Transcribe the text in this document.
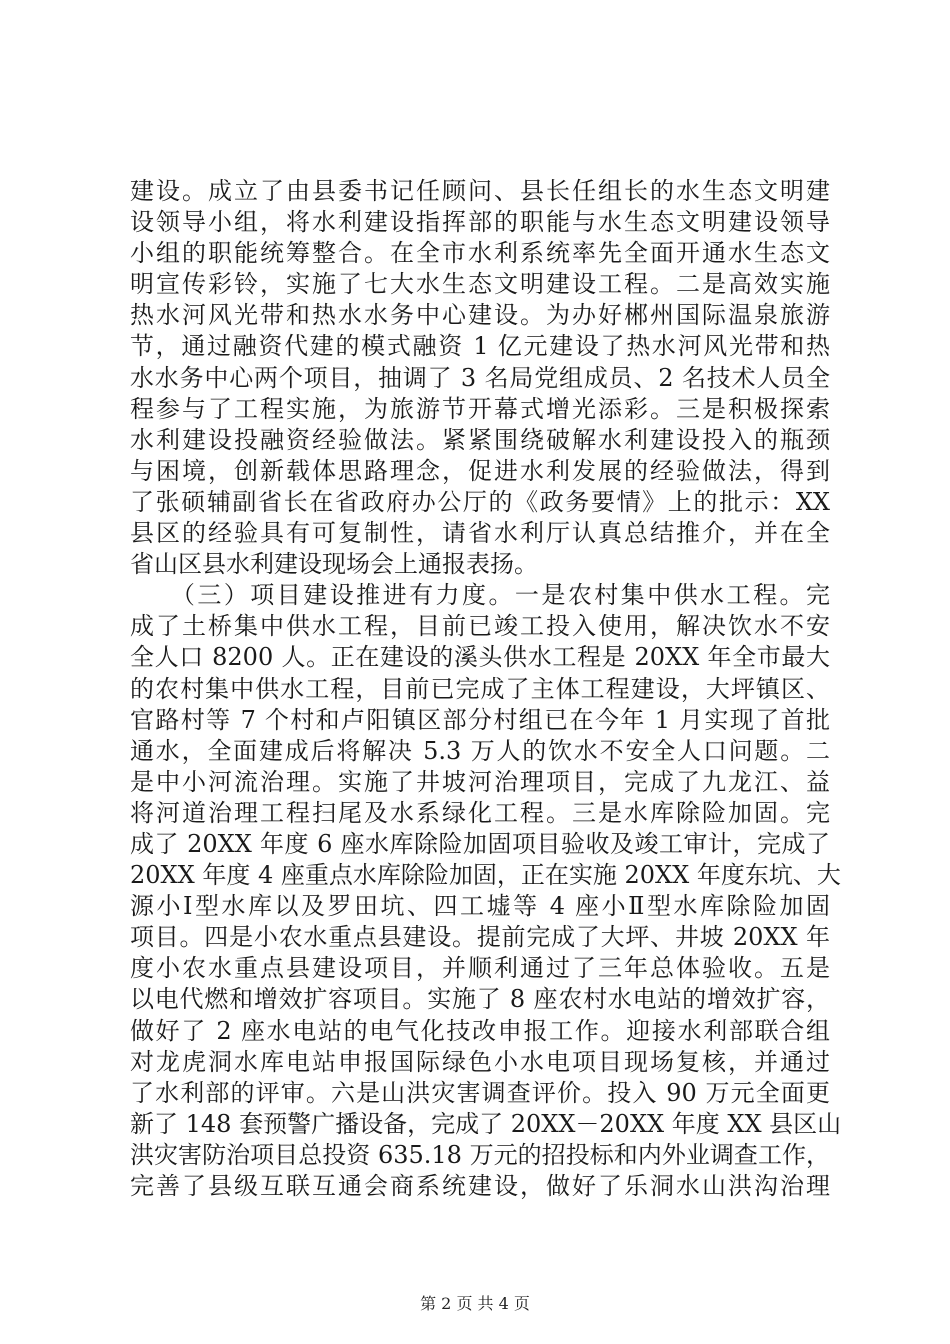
建设。成立了由县委书记任顾问、县长任组长的水生态文明建
设领导小组，将水利建设指挥部的职能与水生态文明建设领导
小组的职能统筹整合。在全市水利系统率先全面开通水生态文
明宣传彩铃，实施了七大水生态文明建设工程。二是高效实施
热水河风光带和热水水务中心建设。为办好郴州国际温泉旅游
节，通过融资代建的模式融资 1 亿元建设了热水河风光带和热
水水务中心两个项目，抽调了 3 名局党组成员、2 名技术人员全
程参与了工程实施，为旅游节开幕式增光添彩。三是积极探索
水利建设投融资经验做法。紧紧围绕破解水利建设投入的瓶颈
与困境，创新载体思路理念，促进水利发展的经验做法，得到
了张硕辅副省长在省政府办公厅的《政务要情》上的批示：XX
县区的经验具有可复制性，请省水利厅认真总结推介，并在全
省山区县水利建设现场会上通报表扬。
　　（三）项目建设推进有力度。一是农村集中供水工程。完
成了土桥集中供水工程，目前已竣工投入使用，解决饮水不安
全人口 8200 人。正在建设的溪头供水工程是 20XX 年全市最大
的农村集中供水工程，目前已完成了主体工程建设，大坪镇区、
官路村等 7 个村和卢阳镇区部分村组已在今年 1 月实现了首批
通水，全面建成后将解决 5.3 万人的饮水不安全人口问题。二
是中小河流治理。实施了井坡河治理项目，完成了九龙江、益
将河道治理工程扫尾及水系绿化工程。三是水库除险加固。完
成了 20XX 年度 6 座水库除险加固项目验收及竣工审计，完成了
20XX 年度 4 座重点水库除险加固，正在实施 20XX 年度东坑、大
源小Ⅰ型水库以及罗田坑、四工墟等 4 座小Ⅱ型水库除险加固
项目。四是小农水重点县建设。提前完成了大坪、井坡 20XX 年
度小农水重点县建设项目，并顺利通过了三年总体验收。五是
以电代燃和增效扩容项目。实施了 8 座农村水电站的增效扩容，
做好了 2 座水电站的电气化技改申报工作。迎接水利部联合组
对龙虎洞水库电站申报国际绿色小水电项目现场复核，并通过
了水利部的评审。六是山洪灾害调查评价。投入 90 万元全面更
新了 148 套预警广播设备，完成了 20XX－20XX 年度 XX 县区山
洪灾害防治项目总投资 635.18 万元的招投标和内外业调查工作，
完善了县级互联互通会商系统建设，做好了乐洞水山洪沟治理
第 2 页 共 4 页
